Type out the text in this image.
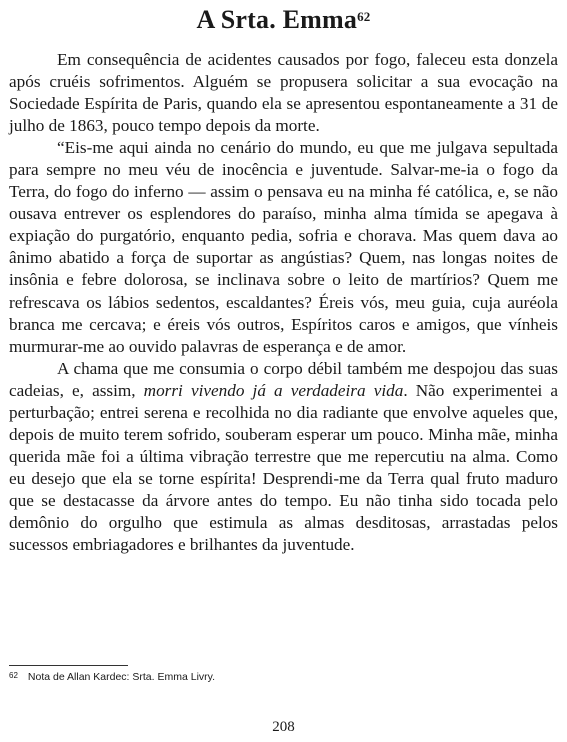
A Srta. Emma$^{62}$

Em consequência de acidentes causados por fogo, faleceu esta donzela após cruéis sofrimentos. Alguém se propusera solicitar a sua evocação na Sociedade Espírita de Paris, quando ela se apresentou espontaneamente a 31 de julho de 1863, pouco tempo depois da morte.

“Eis-me aqui ainda no cenário do mundo, eu que me julgava sepultada para sempre no meu véu de inocência e juventude. Salvar-me-ia o fogo da Terra, do fogo do inferno — assim o pensava eu na minha fé católica, e, se não ousava entrever os esplendores do paraíso, minha alma tímida se apegava à expiação do purgatório, enquanto pedia, sofria e chorava. Mas quem dava ao ânimo abatido a força de suportar as angústias? Quem, nas longas noites de insônia e febre dolorosa, se inclinava sobre o leito de martírios? Quem me refrescava os lábios sedentos, escaldantes? Éreis vós, meu guia, cuja auréola branca me cercava; e éreis vós outros, Espíritos caros e amigos, que vínheis murmurar-me ao ouvido palavras de esperança e de amor.

A chama que me consumia o corpo débil também me despojou das suas cadeias, e, assim, morri vivendo já a verdadeira vida. Não experimentei a perturbação; entrei serena e recolhida no dia radiante que envolve aqueles que, depois de muito terem sofrido, souberam esperar um pouco. Minha mãe, minha querida mãe foi a última vibração terrestre que me repercutiu na alma. Como eu desejo que ela se torne espírita! Desprendi-me da Terra qual fruto maduro que se destacasse da árvore antes do tempo. Eu não tinha sido tocada pelo demônio do orgulho que estimula as almas desditosas, arrastadas pelos sucessos embriagadores e brilhantes da juventude.

$^{62}$ Nota de Allan Kardec: Srta. Emma Livry.
208
